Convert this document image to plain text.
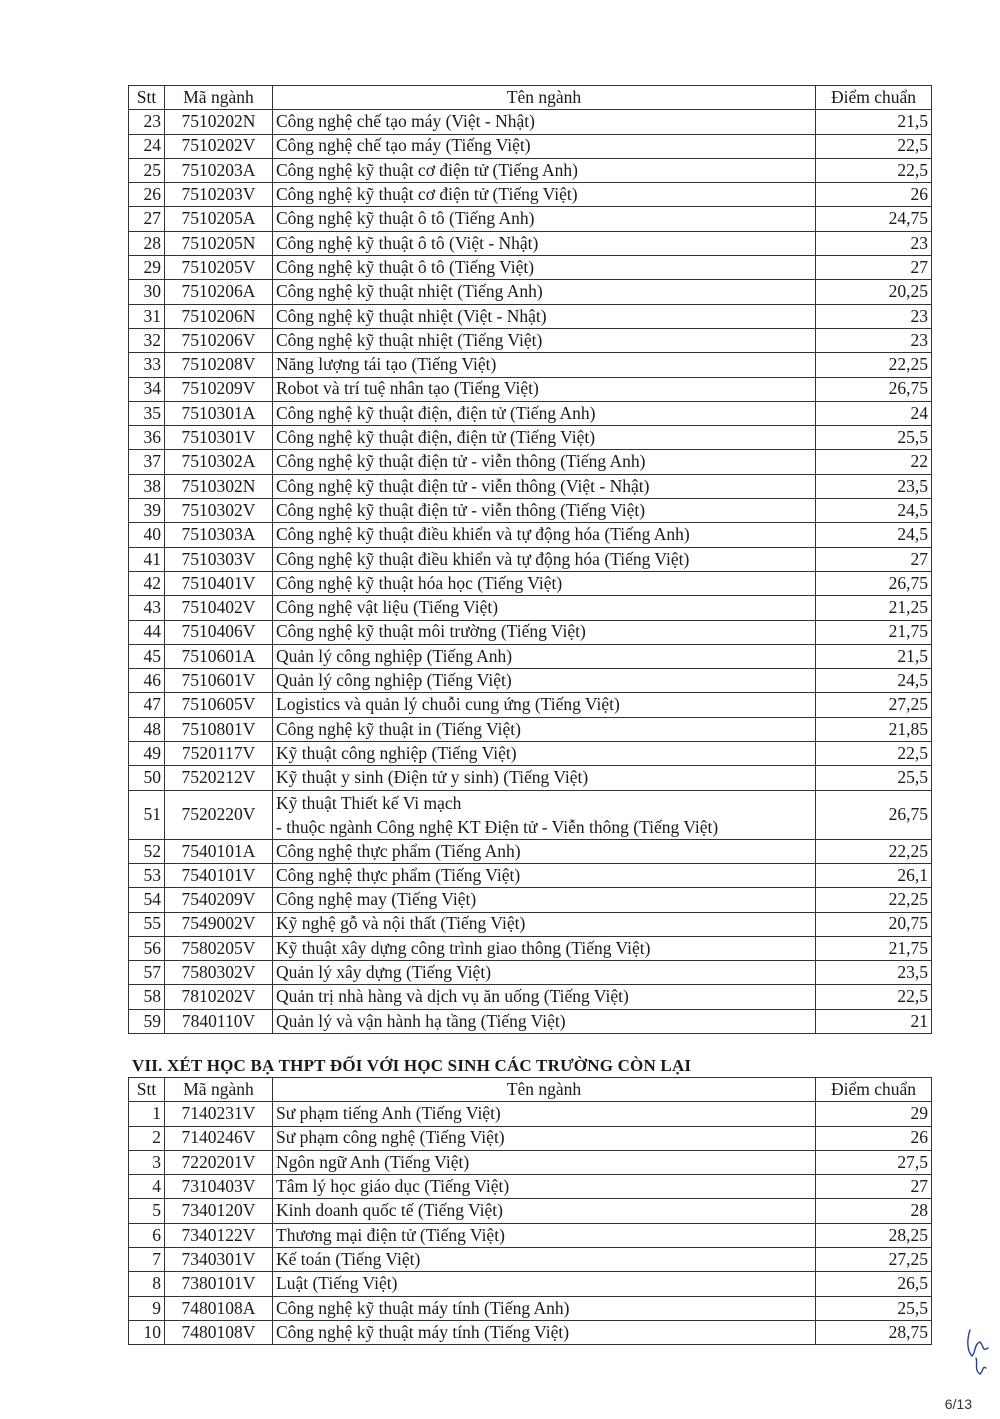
Stt	Mã ngành	Tên ngành	Điểm chuẩn
23	7510202N	Công nghệ chế tạo máy (Việt - Nhật)	21,5
24	7510202V	Công nghệ chế tạo máy (Tiếng Việt)	22,5
25	7510203A	Công nghệ kỹ thuật cơ điện tử (Tiếng Anh)	22,5
26	7510203V	Công nghệ kỹ thuật cơ điện tử (Tiếng Việt)	26
27	7510205A	Công nghệ kỹ thuật ô tô (Tiếng Anh)	24,75
28	7510205N	Công nghệ kỹ thuật ô tô (Việt - Nhật)	23
29	7510205V	Công nghệ kỹ thuật ô tô (Tiếng Việt)	27
30	7510206A	Công nghệ kỹ thuật nhiệt (Tiếng Anh)	20,25
31	7510206N	Công nghệ kỹ thuật nhiệt (Việt - Nhật)	23
32	7510206V	Công nghệ kỹ thuật nhiệt (Tiếng Việt)	23
33	7510208V	Năng lượng tái tạo (Tiếng Việt)	22,25
34	7510209V	Robot và trí tuệ nhân tạo (Tiếng Việt)	26,75
35	7510301A	Công nghệ kỹ thuật điện, điện tử (Tiếng Anh)	24
36	7510301V	Công nghệ kỹ thuật điện, điện tử (Tiếng Việt)	25,5
37	7510302A	Công nghệ kỹ thuật điện tử - viễn thông (Tiếng Anh)	22
38	7510302N	Công nghệ kỹ thuật điện tử - viễn thông (Việt - Nhật)	23,5
39	7510302V	Công nghệ kỹ thuật điện tử - viễn thông (Tiếng Việt)	24,5
40	7510303A	Công nghệ kỹ thuật điều khiển và tự động hóa (Tiếng Anh)	24,5
41	7510303V	Công nghệ kỹ thuật điều khiển và tự động hóa (Tiếng Việt)	27
42	7510401V	Công nghệ kỹ thuật hóa học (Tiếng Việt)	26,75
43	7510402V	Công nghệ vật liệu (Tiếng Việt)	21,25
44	7510406V	Công nghệ kỹ thuật môi trường (Tiếng Việt)	21,75
45	7510601A	Quản lý công nghiệp (Tiếng Anh)	21,5
46	7510601V	Quản lý công nghiệp (Tiếng Việt)	24,5
47	7510605V	Logistics và quản lý chuỗi cung ứng (Tiếng Việt)	27,25
48	7510801V	Công nghệ kỹ thuật in (Tiếng Việt)	21,85
49	7520117V	Kỹ thuật công nghiệp (Tiếng Việt)	22,5
50	7520212V	Kỹ thuật y sinh (Điện tử y sinh) (Tiếng Việt)	25,5
51	7520220V	Kỹ thuật Thiết kế Vi mạch
- thuộc ngành Công nghệ KT Điện tử - Viễn thông (Tiếng Việt)	26,75
52	7540101A	Công nghệ thực phẩm (Tiếng Anh)	22,25
53	7540101V	Công nghệ thực phẩm (Tiếng Việt)	26,1
54	7540209V	Công nghệ may (Tiếng Việt)	22,25
55	7549002V	Kỹ nghệ gỗ và nội thất (Tiếng Việt)	20,75
56	7580205V	Kỹ thuật xây dựng công trình giao thông (Tiếng Việt)	21,75
57	7580302V	Quản lý xây dựng (Tiếng Việt)	23,5
58	7810202V	Quản trị nhà hàng và dịch vụ ăn uống (Tiếng Việt)	22,5
59	7840110V	Quản lý và vận hành hạ tầng (Tiếng Việt)	21
VII. XÉT HỌC BẠ THPT ĐỐI VỚI HỌC SINH CÁC TRƯỜNG CÒN LẠI
Stt	Mã ngành	Tên ngành	Điểm chuẩn
1	7140231V	Sư phạm tiếng Anh (Tiếng Việt)	29
2	7140246V	Sư phạm công nghệ (Tiếng Việt)	26
3	7220201V	Ngôn ngữ Anh (Tiếng Việt)	27,5
4	7310403V	Tâm lý học giáo dục (Tiếng Việt)	27
5	7340120V	Kinh doanh quốc tế (Tiếng Việt)	28
6	7340122V	Thương mại điện tử (Tiếng Việt)	28,25
7	7340301V	Kế toán (Tiếng Việt)	27,25
8	7380101V	Luật (Tiếng Việt)	26,5
9	7480108A	Công nghệ kỹ thuật máy tính (Tiếng Anh)	25,5
10	7480108V	Công nghệ kỹ thuật máy tính (Tiếng Việt)	28,75
6/13
